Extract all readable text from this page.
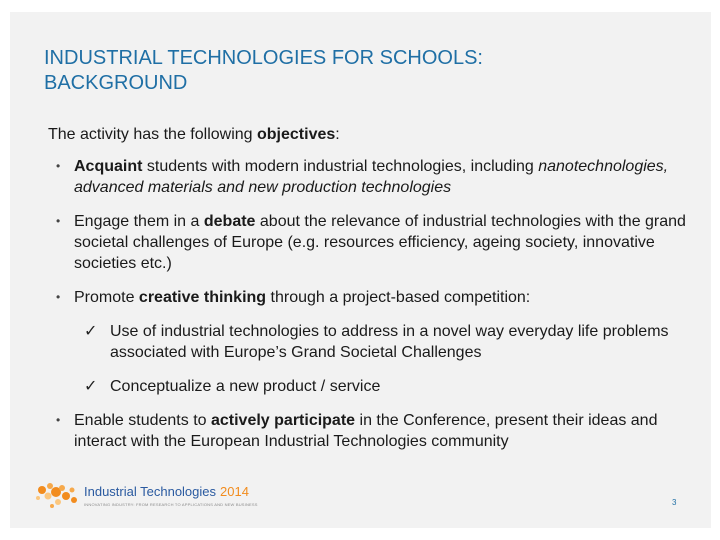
INDUSTRIAL TECHNOLOGIES FOR SCHOOLS:
BACKGROUND

The activity has the following objectives:

• Acquaint students with modern industrial technologies, including nanotechnologies, advanced materials and new production technologies
• Engage them in a debate about the relevance of industrial technologies with the grand societal challenges of Europe (e.g. resources efficiency, ageing society, innovative societies etc.)
• Promote creative thinking through a project-based competition:
✓ Use of industrial technologies to address in a novel way everyday life problems associated with Europe’s Grand Societal Challenges
✓ Conceptualize a new product / service
• Enable students to actively participate in the Conference, present their ideas and interact with the European Industrial Technologies community
Industrial Technologies 2014
INNOVATING INDUSTRY: FROM RESEARCH TO APPLICATIONS AND NEW BUSINESS	3
